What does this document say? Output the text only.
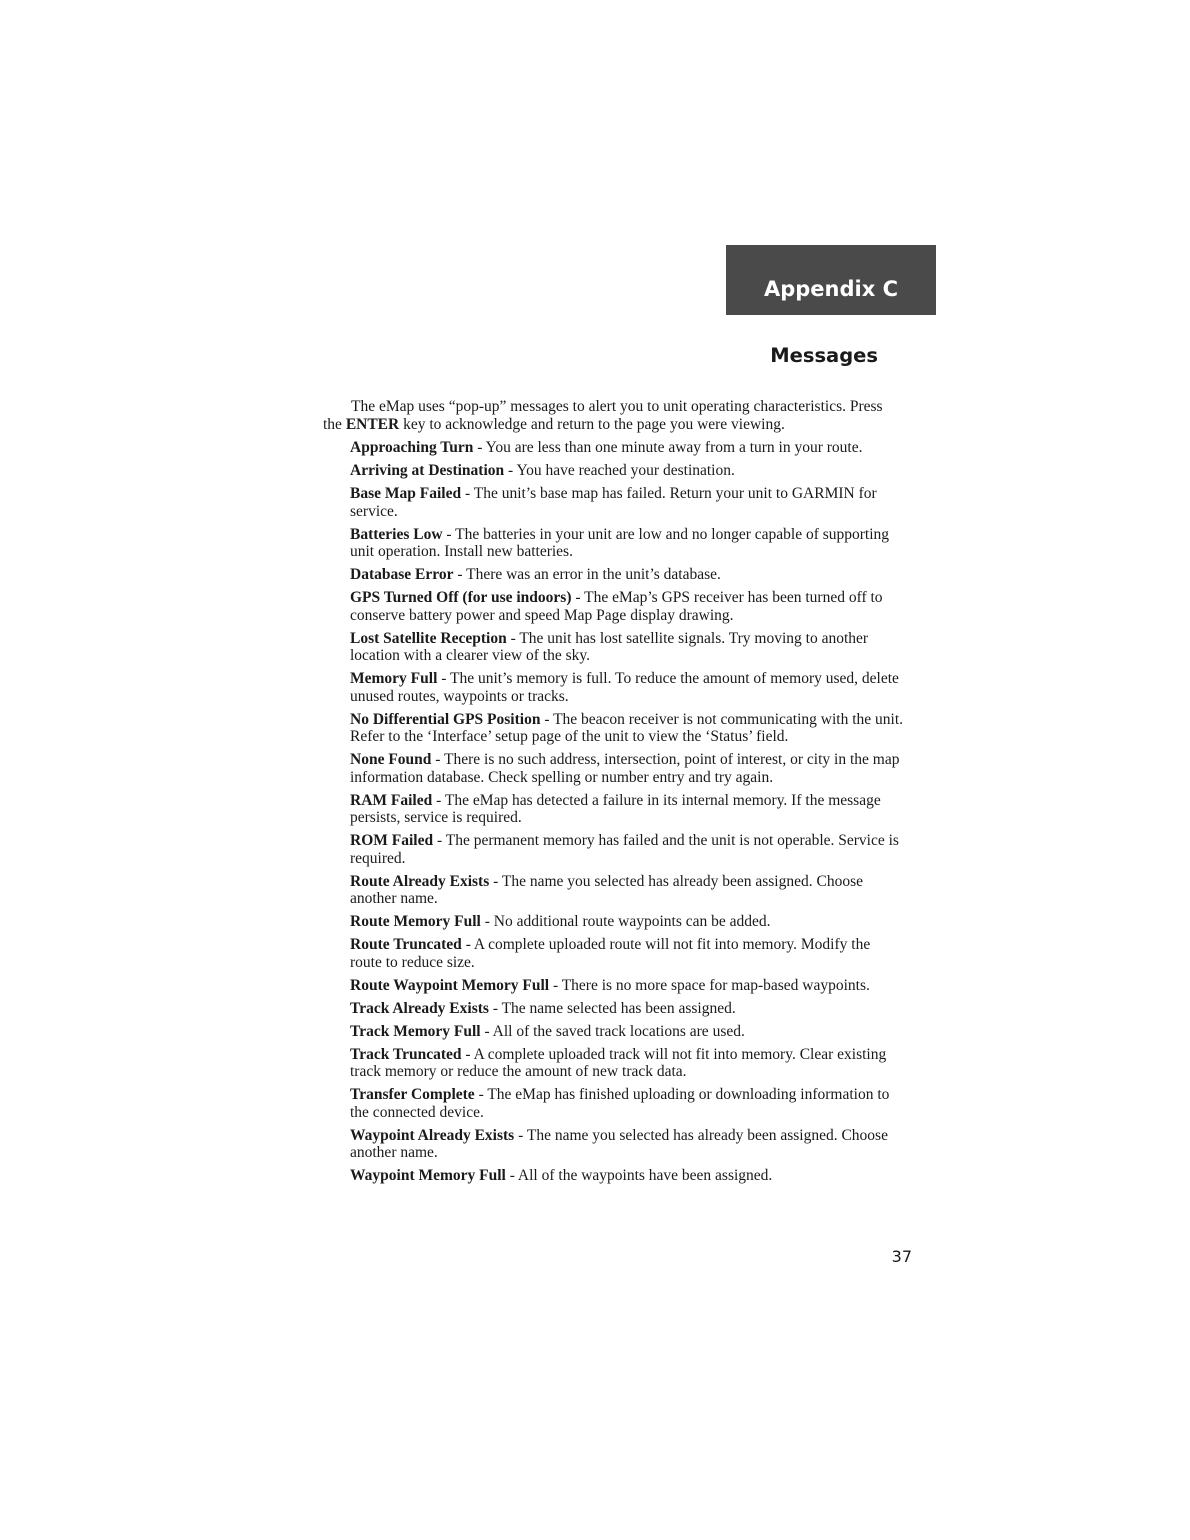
Appendix C
Messages

The eMap uses “pop-up” messages to alert you to unit operating characteristics. Press the ENTER key to acknowledge and return to the page you were viewing.

Approaching Turn - You are less than one minute away from a turn in your route.

Arriving at Destination - You have reached your destination.

Base Map Failed - The unit’s base map has failed. Return your unit to GARMIN for service.

Batteries Low - The batteries in your unit are low and no longer capable of supporting unit operation. Install new batteries.

Database Error - There was an error in the unit’s database.

GPS Turned Off (for use indoors) - The eMap’s GPS receiver has been turned off to conserve battery power and speed Map Page display drawing.

Lost Satellite Reception - The unit has lost satellite signals. Try moving to another location with a clearer view of the sky.

Memory Full - The unit’s memory is full. To reduce the amount of memory used, delete unused routes, waypoints or tracks.

No Differential GPS Position - The beacon receiver is not communicating with the unit. Refer to the ‘Interface’ setup page of the unit to view the ‘Status’ field.

None Found - There is no such address, intersection, point of interest, or city in the map information database. Check spelling or number entry and try again.

RAM Failed - The eMap has detected a failure in its internal memory. If the message persists, service is required.

ROM Failed - The permanent memory has failed and the unit is not operable. Service is required.

Route Already Exists - The name you selected has already been assigned. Choose another name.

Route Memory Full - No additional route waypoints can be added.

Route Truncated - A complete uploaded route will not fit into memory. Modify the route to reduce size.

Route Waypoint Memory Full - There is no more space for map-based waypoints.

Track Already Exists - The name selected has been assigned.

Track Memory Full - All of the saved track locations are used.

Track Truncated - A complete uploaded track will not fit into memory. Clear existing track memory or reduce the amount of new track data.

Transfer Complete - The eMap has finished uploading or downloading information to the connected device.

Waypoint Already Exists - The name you selected has already been assigned. Choose another name.

Waypoint Memory Full - All of the waypoints have been assigned.

37
